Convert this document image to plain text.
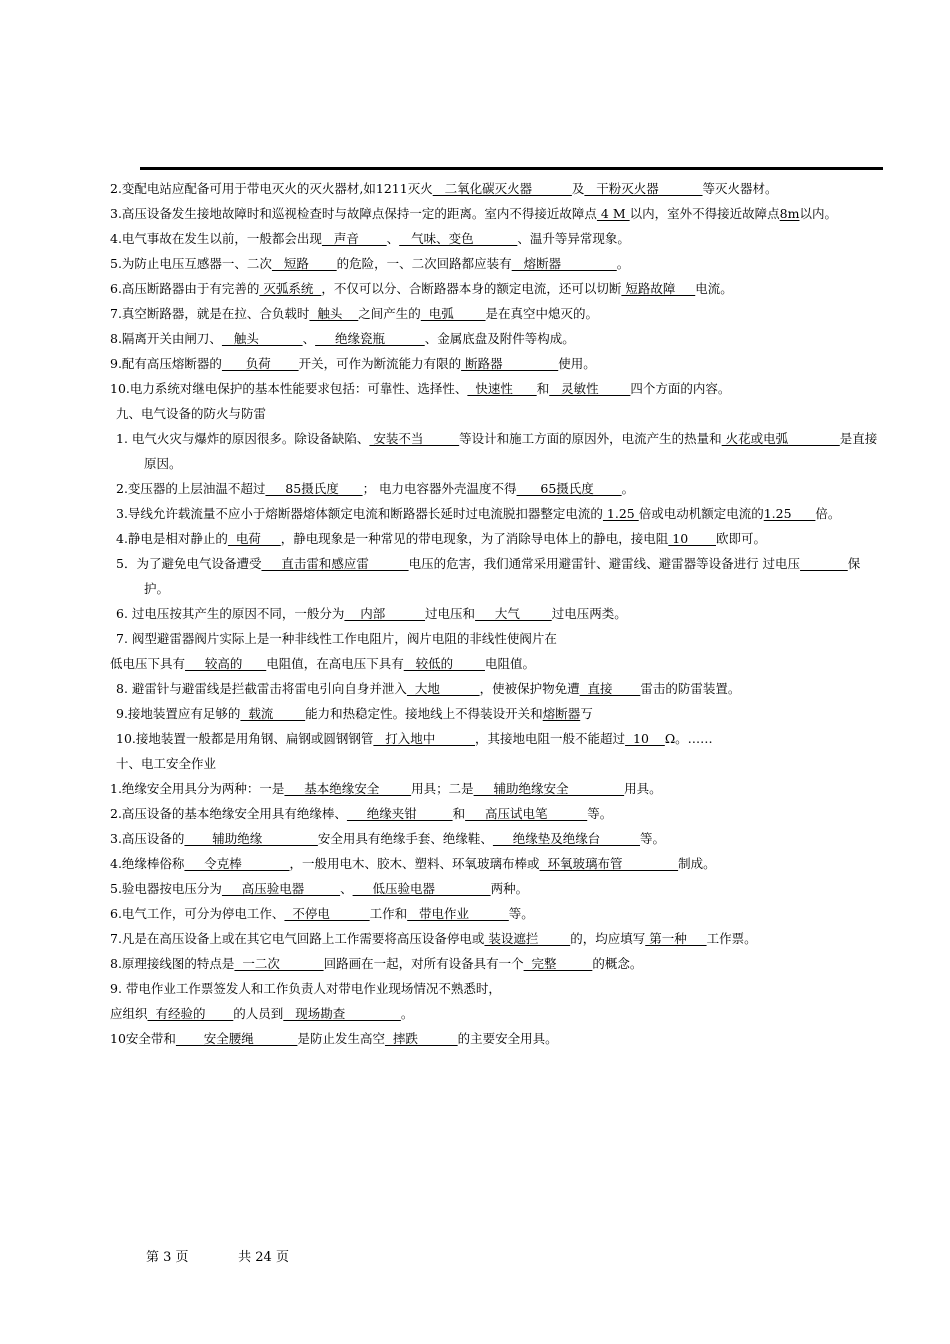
2.变配电站应配备可用于带电灭火的灭火器材,如1211灭火   二氧化碳灭火器          及   干粉灭火器           等灭火器材。

3.高压设备发生接地故障时和巡视检查时与故障点保持一定的距离。室内不得接近故障点 4 M 以内，室外不得接近故障点8m以内。

4.电气事故在发生以前，一般都会出现   声音       、   气味、变色           、温升等异常现象。

5.为防止电压互感器一、二次   短路       的危险，一、二次回路都应装有   熔断器              。

6.高压断路器由于有完善的 灭弧系统  ，不仅可以分、合断路器本身的额定电流，还可以切断 短路故障     电流。

7.真空断路器，就是在拉、合负载时  触头    之间产生的  电弧        是在真空中熄灭的。

8.隔离开关由闸刀、   触头           、     绝缘瓷瓶          、金属底盘及附件等构成。

9.配有高压熔断器的      负荷       开关，可作为断流能力有限的 断路器              使用。

10.电力系统对继电保护的基本性能要求包括：可靠性、选择性、  快速性      和   灵敏性        四个方面的内容。

九、电气设备的防火与防雷

1. 电气火灾与爆炸的原因很多。除设备缺陷、 安装不当         等设计和施工方面的原因外，电流产生的热量和 火花或电弧             是直接原因。

2.变压器的上层油温不超过     85摄氏度      ； 电力电容器外壳温度不得      65摄氏度       。

3.导线允许载流量不应小于熔断器熔体额定电流和断路器长延时过电流脱扣器整定电流的 1.25 倍或电动机额定电流的1.25      倍。

4.静电是相对静止的  电荷     ，静电现象是一种常见的带电现象，为了消除导电体上的静电，接电阻 10       欧即可。

5．为了避免电气设备遭受     直击雷和感应雷          电压的危害，我们通常采用避雷针、避雷线、避雷器等设备进行 过电压	保护。

6. 过电压按其产生的原因不同，一般分为    内部          过电压和     大气        过电压两类。

7. 阀型避雷器阀片实际上是一种非线性工作电阻片，阀片电阻的非线性使阀片在

低电压下具有     较高的      电阻值，在高电压下具有   较低的        电阻值。

8. 避雷针与避雷线是拦截雷击将雷电引向自身并泄入  大地          ，使被保护物免遭  直接       雷击的防雷装置。

9.接地装置应有足够的  载流        能力和热稳定性。接地线上不得装设开关和熔断器丂

10.接地装置一般都是用角钢、扁钢或圆钢钢管   打入地中          ，其接地电阻一般不能超过  10    Ω。……

十、电工安全作业

1.绝缘安全用具分为两种：一是     基本绝缘安全        用具；二是     辅助绝缘安全              用具。

2.高压设备的基本绝缘安全用具有绝缘棒、     绝缘夹钳         和     高压试电笔          等。

3.高压设备的       辅助绝缘              安全用具有绝缘手套、绝缘鞋、     绝缘垫及绝缘台          等。

4.绝缘棒俗称     令克棒            ，一般用电木、胶木、塑料、环氧玻璃布棒或  环氧玻璃布管              制成。

5.验电器按电压分为     高压验电器         、     低压验电器              两种。

6.电气工作，可分为停电工作、  不停电          工作和   带电作业          等。

7.凡是在高压设备上或在其它电气回路上工作需要将高压设备停电或 装设遮拦        的，均应填写 第一种     工作票。

8.原理接线图的特点是  一二次           回路画在一起，对所有设备具有一个  完整         的概念。

9. 带电作业工作票签发人和工作负责人对带电作业现场情况不熟悉时，

应组织  有经验的       的人员到   现场勘查              。

10安全带和       安全腰绳           是防止发生高空  摔跌          的主要安全用具。

第 3 页	共 24 页
